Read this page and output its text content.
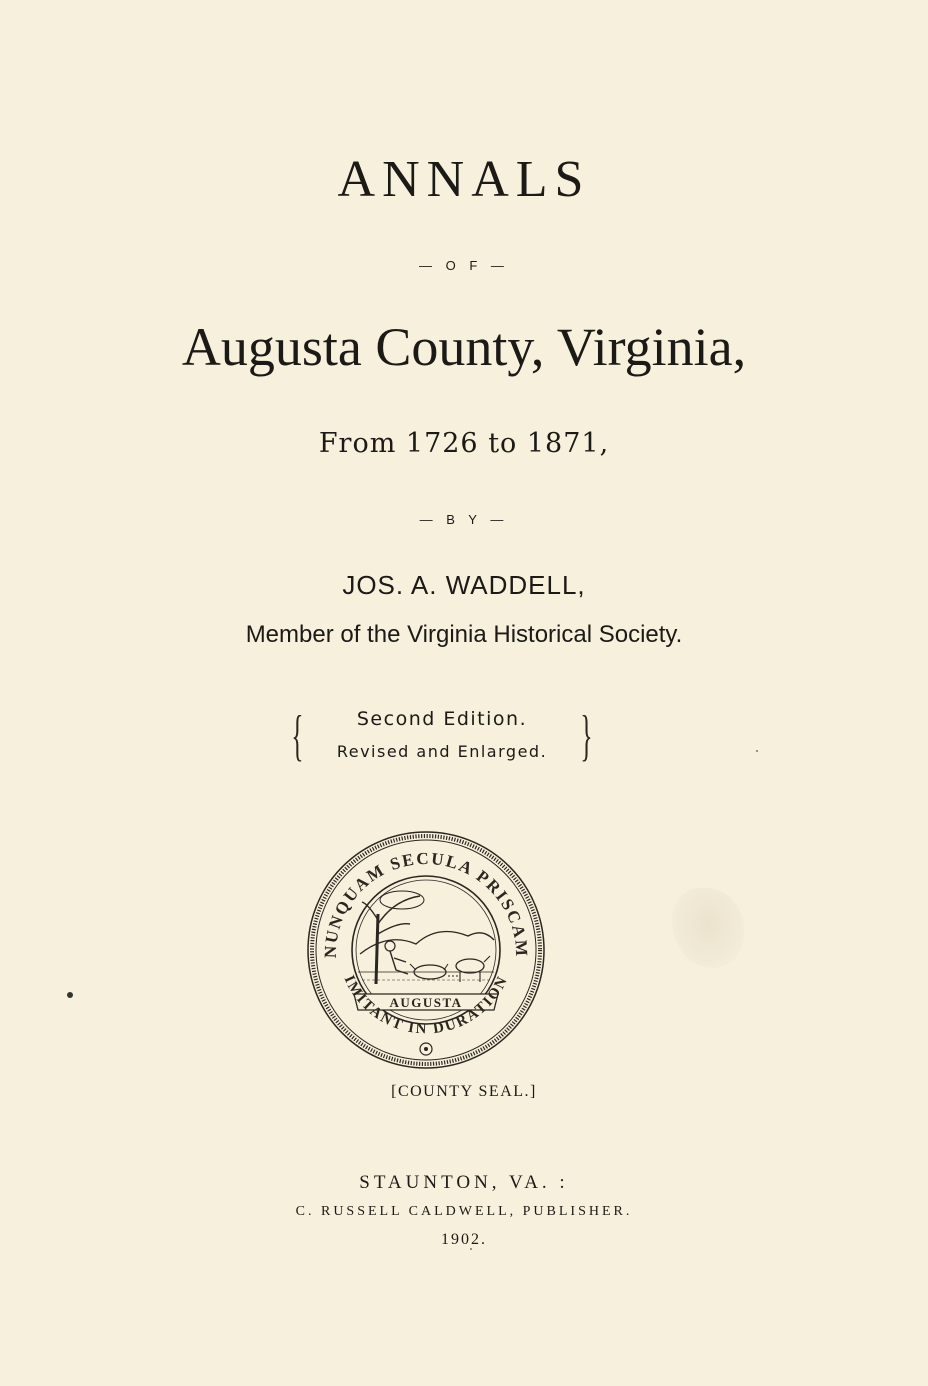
ANNALS
— O F —
Augusta County, Virginia,
From 1726 to 1871,
— B Y —
JOS. A. WADDELL,
Member of the Virginia Historical Society.
{	Second Edition.
Revised and Enlarged. }
NUNQUAM SECULA PRISCAM
AUGUSTA
IMITANT IN DURATION
[COUNTY SEAL.]
STAUNTON, VA. :
C. RUSSELL CALDWELL, PUBLISHER.
1902.
